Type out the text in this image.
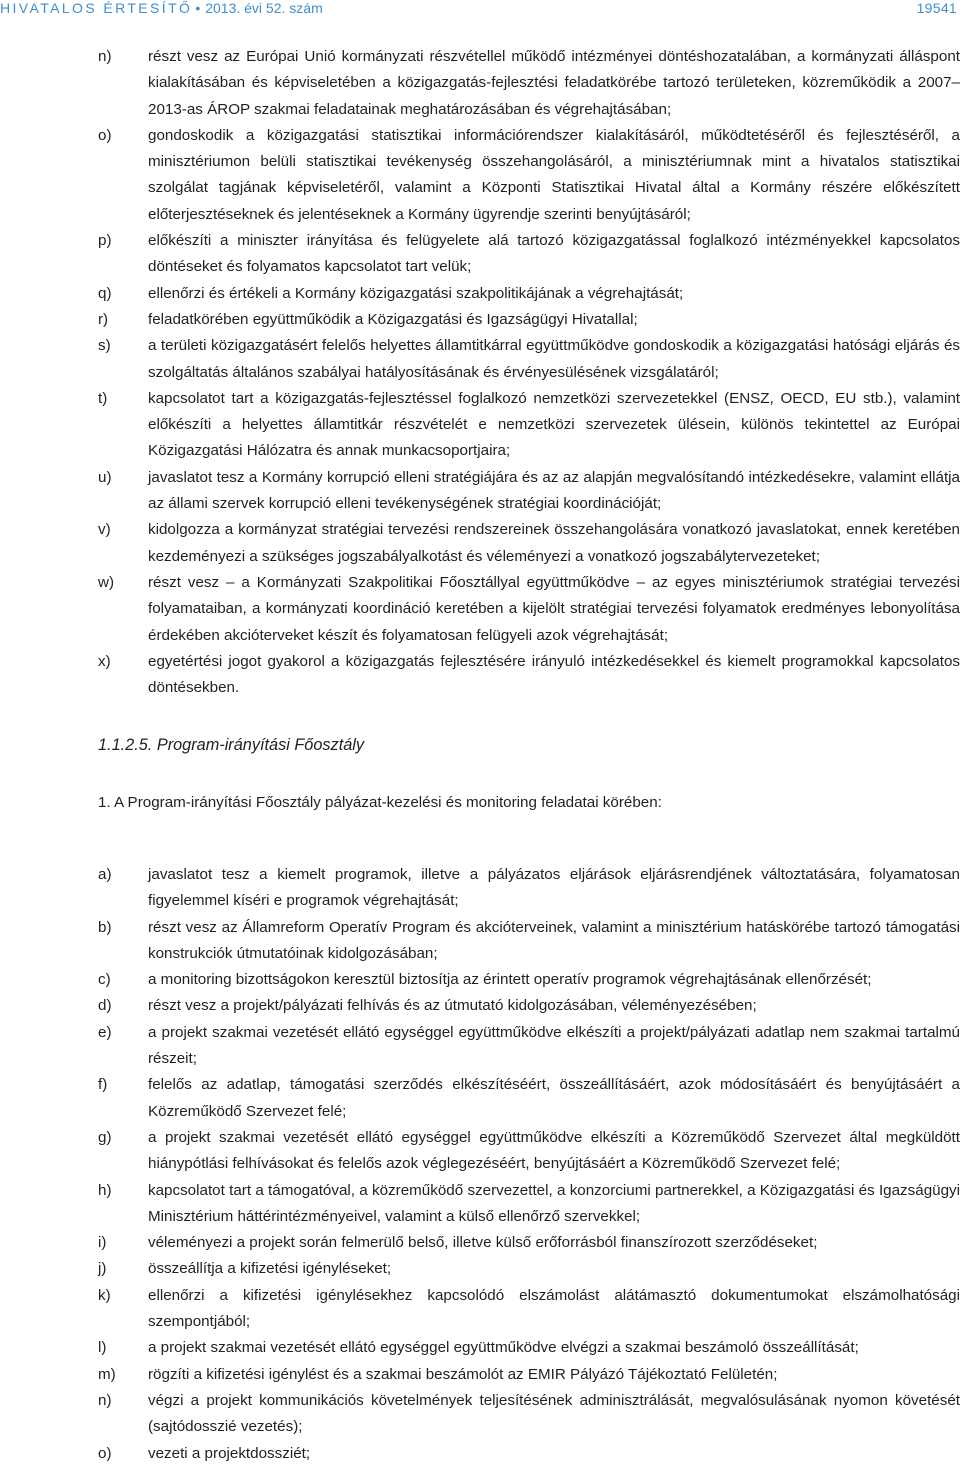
HIVATALOS ÉRTESÍTŐ • 2013. évi 52. szám	19541
n)	részt vesz az Európai Unió kormányzati részvétellel működő intézményei döntéshozatalában, a kormányzati álláspont kialakításában és képviseletében a közigazgatás-fejlesztési feladatkörébe tartozó területeken, közreműködik a 2007–2013-as ÁROP szakmai feladatainak meghatározásában és végrehajtásában;
o)	gondoskodik a közigazgatási statisztikai információrendszer kialakításáról, működtetéséről és fejlesztéséről, a minisztériumon belüli statisztikai tevékenység összehangolásáról, a minisztériumnak mint a hivatalos statisztikai szolgálat tagjának képviseletéről, valamint a Központi Statisztikai Hivatal által a Kormány részére előkészített előterjesztéseknek és jelentéseknek a Kormány ügyrendje szerinti benyújtásáról;
p)	előkészíti a miniszter irányítása és felügyelete alá tartozó közigazgatással foglalkozó intézményekkel kapcsolatos döntéseket és folyamatos kapcsolatot tart velük;
q)	ellenőrzi és értékeli a Kormány közigazgatási szakpolitikájának a végrehajtását;
r)	feladatkörében együttműködik a Közigazgatási és Igazságügyi Hivatallal;
s)	a területi közigazgatásért felelős helyettes államtitkárral együttműködve gondoskodik a közigazgatási hatósági eljárás és szolgáltatás általános szabályai hatályosításának és érvényesülésének vizsgálatáról;
t)	kapcsolatot tart a közigazgatás-fejlesztéssel foglalkozó nemzetközi szervezetekkel (ENSZ, OECD, EU stb.), valamint előkészíti a helyettes államtitkár részvételét e nemzetközi szervezetek ülésein, különös tekintettel az Európai Közigazgatási Hálózatra és annak munkacsoportjaira;
u)	javaslatot tesz a Kormány korrupció elleni stratégiájára és az az alapján megvalósítandó intézkedésekre, valamint ellátja az állami szervek korrupció elleni tevékenységének stratégiai koordinációját;
v)	kidolgozza a kormányzat stratégiai tervezési rendszereinek összehangolására vonatkozó javaslatokat, ennek keretében kezdeményezi a szükséges jogszabályalkotást és véleményezi a vonatkozó jogszabálytervezeteket;
w)	részt vesz – a Kormányzati Szakpolitikai Főosztállyal együttműködve – az egyes minisztériumok stratégiai tervezési folyamataiban, a kormányzati koordináció keretében a kijelölt stratégiai tervezési folyamatok eredményes lebonyolítása érdekében akcióterveket készít és folyamatosan felügyeli azok végrehajtását;
x)	egyetértési jogot gyakorol a közigazgatás fejlesztésére irányuló intézkedésekkel és kiemelt programokkal kapcsolatos döntésekben.
1.1.2.5. Program-irányítási Főosztály
1. A Program-irányítási Főosztály pályázat-kezelési és monitoring feladatai körében:
a)	javaslatot tesz a kiemelt programok, illetve a pályázatos eljárások eljárásrendjének változtatására, folyamatosan figyelemmel kíséri e programok végrehajtását;
b)	részt vesz az Államreform Operatív Program és akcióterveinek, valamint a minisztérium hatáskörébe tartozó támogatási konstrukciók útmutatóinak kidolgozásában;
c)	a monitoring bizottságokon keresztül biztosítja az érintett operatív programok végrehajtásának ellenőrzését;
d)	részt vesz a projekt/pályázati felhívás és az útmutató kidolgozásában, véleményezésében;
e)	a projekt szakmai vezetését ellátó egységgel együttműködve elkészíti a projekt/pályázati adatlap nem szakmai tartalmú részeit;
f)	felelős az adatlap, támogatási szerződés elkészítéséért, összeállításáért, azok módosításáért és benyújtásáért a Közreműködő Szervezet felé;
g)	a projekt szakmai vezetését ellátó egységgel együttműködve elkészíti a Közreműködő Szervezet által megküldött hiánypótlási felhívásokat és felelős azok véglegezéséért, benyújtásáért a Közreműködő Szervezet felé;
h)	kapcsolatot tart a támogatóval, a közreműködő szervezettel, a konzorciumi partnerekkel, a Közigazgatási és Igazságügyi Minisztérium háttérintézményeivel, valamint a külső ellenőrző szervekkel;
i)	véleményezi a projekt során felmerülő belső, illetve külső erőforrásból finanszírozott szerződéseket;
j)	összeállítja a kifizetési igényléseket;
k)	ellenőrzi a kifizetési igénylésekhez kapcsolódó elszámolást alátámasztó dokumentumokat elszámolhatósági szempontjából;
l)	a projekt szakmai vezetését ellátó egységgel együttműködve elvégzi a szakmai beszámoló összeállítását;
m)	rögzíti a kifizetési igénylést és a szakmai beszámolót az EMIR Pályázó Tájékoztató Felületén;
n)	végzi a projekt kommunikációs követelmények teljesítésének adminisztrálását, megvalósulásának nyomon követését (sajtódosszié vezetés);
o)	vezeti a projektdossziét;
